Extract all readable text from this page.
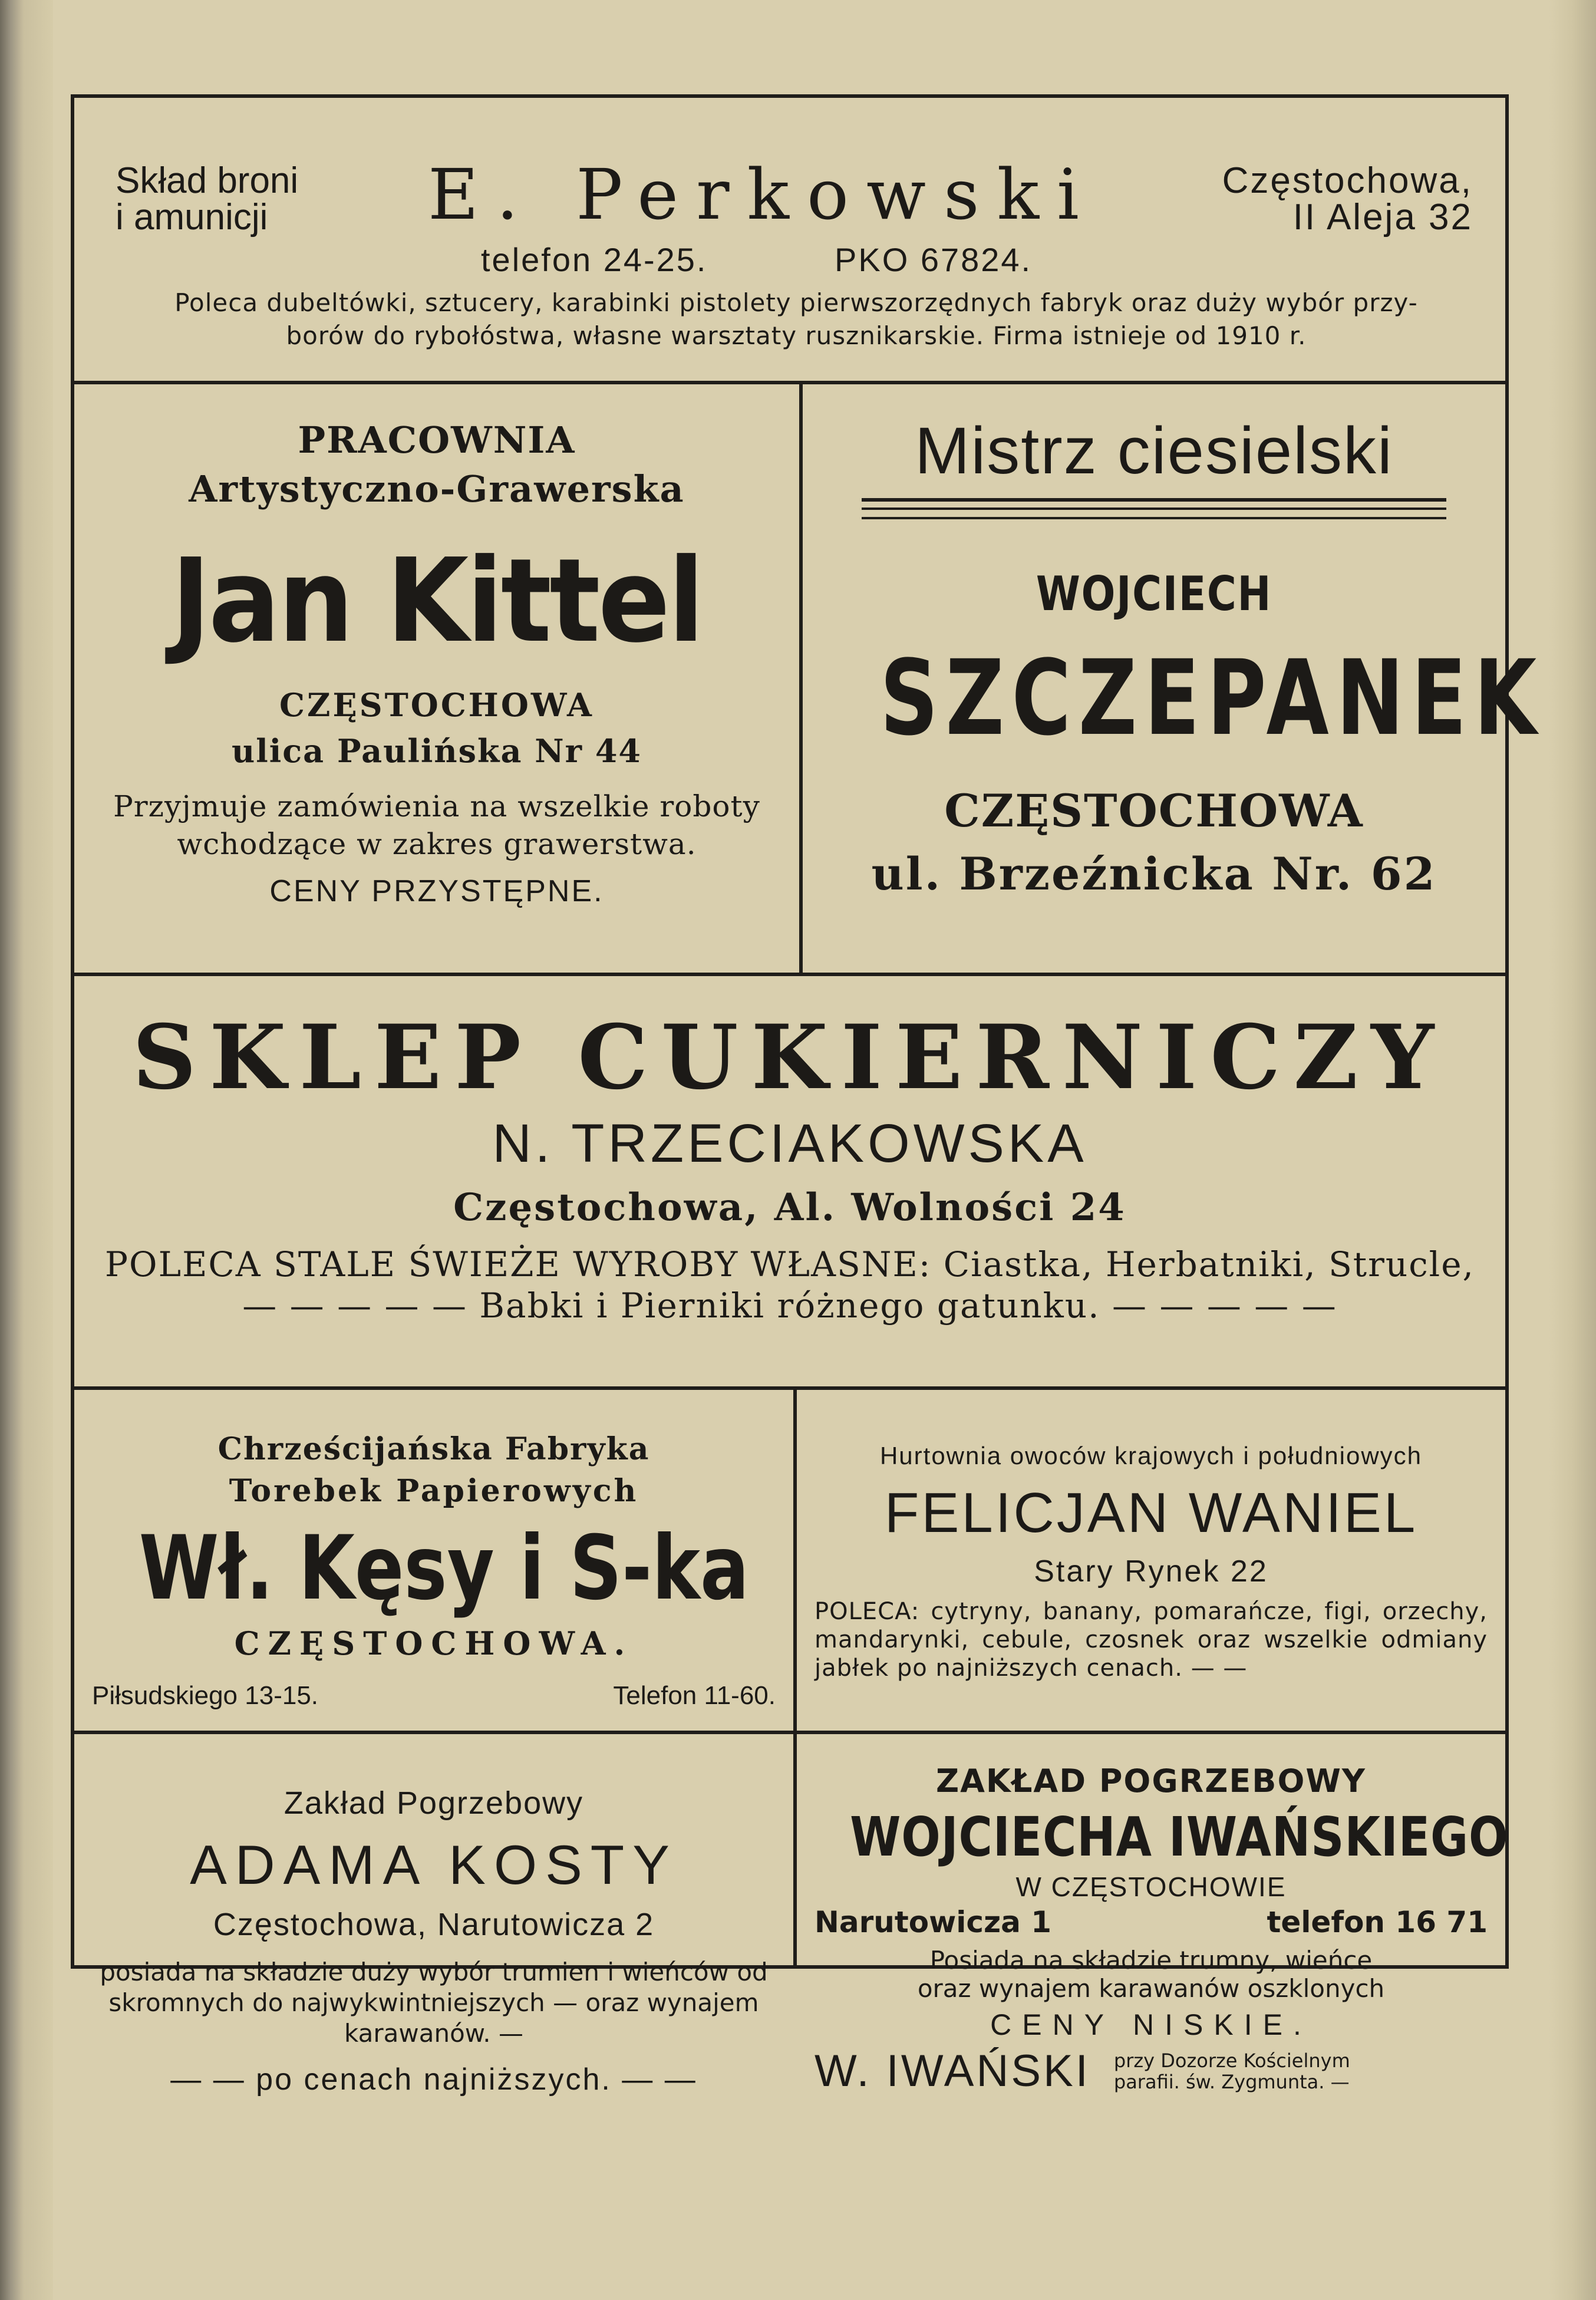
Skład broni
i amunicji	E. Perkowski	Częstochowa,
II Aleja 32
telefon 24-25.	PKO 67824.
Poleca dubeltówki, sztucery, karabinki pistolety pierwszorzędnych fabryk oraz duży wybór przy-
borów do rybołóstwa, własne warsztaty rusznikarskie. Firma istnieje od 1910 r.
PRACOWNIA
Artystyczno-Grawerska
Jan Kittel
CZĘSTOCHOWA
ulica Paulińska Nr 44
Przyjmuje zamówienia na wszelkie roboty wchodzące w zakres grawerstwa.
CENY PRZYSTĘPNE.
Mistrz ciesielski
WOJCIECH
SZCZEPANEK
CZĘSTOCHOWA
ul. Brzeźnicka Nr. 62
SKLEP CUKIERNICZY
N. TRZECIAKOWSKA
Częstochowa, Al. Wolności 24
POLECA STALE ŚWIEŻE WYROBY WŁASNE: Ciastka, Herbatniki, Strucle,
— — — — — Babki i Pierniki różnego gatunku. — — — — —
Chrześcijańska Fabryka
Torebek Papierowych
Wł. Kęsy i S-ka
CZĘSTOCHOWA.
Piłsudskiego 13-15.	Telefon 11-60.
Hurtownia owoców krajowych i południowych
FELICJAN WANIEL
Stary Rynek 22
POLECA: cytryny, banany, pomarańcze, figi, orzechy, mandarynki, cebule, czosnek oraz wszelkie odmiany jabłek po najniższych cenach. — —
Zakład Pogrzebowy
ADAMA KOSTY
Częstochowa, Narutowicza 2
posiada na składzie duży wybór trumien i wieńców od skromnych do najwykwintniejszych — oraz wynajem karawanów. —
— — po cenach najniższych. — —
ZAKŁAD POGRZEBOWY
WOJCIECHA IWAŃSKIEGO
W CZĘSTOCHOWIE
Narutowicza 1	telefon 16 71
Posiada na składzie trumny, wieńce
oraz wynajem karawanów oszklonych
CENY NISKIE.
W. IWAŃSKI przy Dozorze Kościelnym
parafii. św. Zygmunta. —
